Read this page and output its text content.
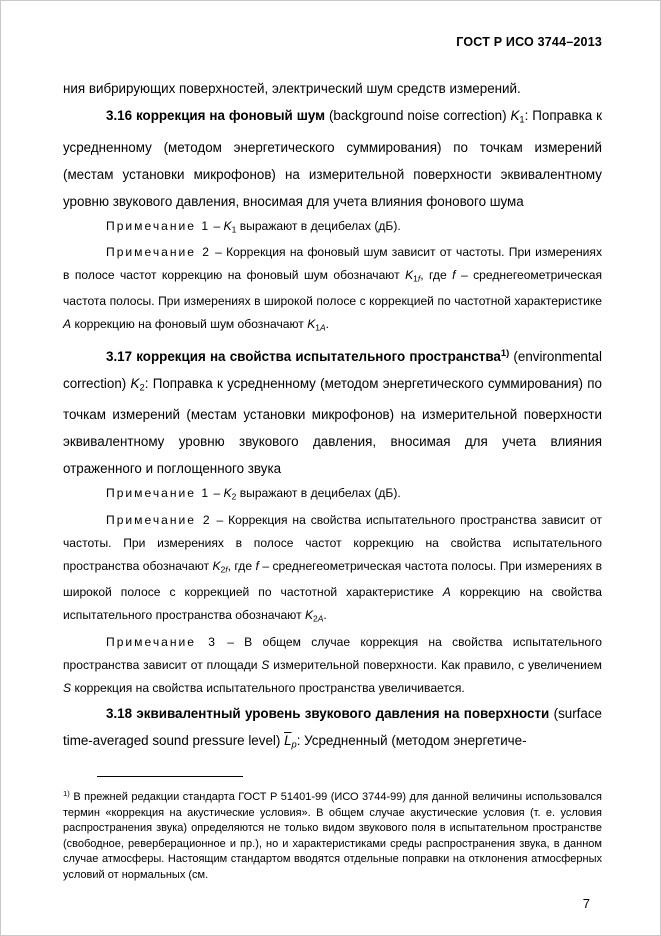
ГОСТ Р ИСО 3744–2013

ния вибрирующих поверхностей, электрический шум средств измерений.

3.16 коррекция на фоновый шум (background noise correction) $K_1$: Поправка к усредненному (методом энергетического суммирования) по точкам измерений (местам установки микрофонов) на измерительной поверхности эквивалентному уровню звукового давления, вносимая для учета влияния фонового шума

Примечание $1 - K_1$ выражают в децибелах (дБ).

Примечание 2 – Коррекция на фоновый шум зависит от частоты. При измерениях в полосе частот коррекцию на фоновый шум обозначают $K_{1f}$, где f – среднегеометрическая частота полосы. При измерениях в широкой полосе с коррекцией по частотной характеристике A коррекцию на фоновый шум обозначают $K_{1A}$.

3.17 коррекция на свойства испытательного пространства$^{1)}$ (environmental correction) $K_2$: Поправка к усредненному (методом энергетического суммирования) по точкам измерений (местам установки микрофонов) на измерительной поверхности эквивалентному уровню звукового давления, вносимая для учета влияния отраженного и поглощенного звука

Примечание $1 - K_2$ выражают в децибелах (дБ).

Примечание 2 – Коррекция на свойства испытательного пространства зависит от частоты. При измерениях в полосе частот коррекцию на свойства испытательного пространства обозначают $K_{2f}$, где f – среднегеометрическая частота полосы. При измерениях в широкой полосе с коррекцией по частотной характеристике A коррекцию на свойства испытательного пространства обозначают $K_{2A}$.

Примечание 3 – В общем случае коррекция на свойства испытательного пространства зависит от площади S измерительной поверхности. Как правило, с увеличением S коррекция на свойства испытательного пространства увеличивается.

3.18 эквивалентный уровень звукового давления на поверхности (surface time-averaged sound pressure level) $\overline{L}_p$: Усредненный (методом энергетиче-

$^{1)}$ В прежней редакции стандарта ГОСТ Р 51401-99 (ИСО 3744-99) для данной величины использовался термин «коррекция на акустические условия». В общем случае акустические условия (т. е. условия распространения звука) определяются не только видом звукового поля в испытательном пространстве (свободное, реверберационное и пр.), но и характеристиками среды распространения звука, в данном случае атмосферы. Настоящим стандартом вводятся отдельные поправки на отклонения атмосферных условий от нормальных (см.

7
